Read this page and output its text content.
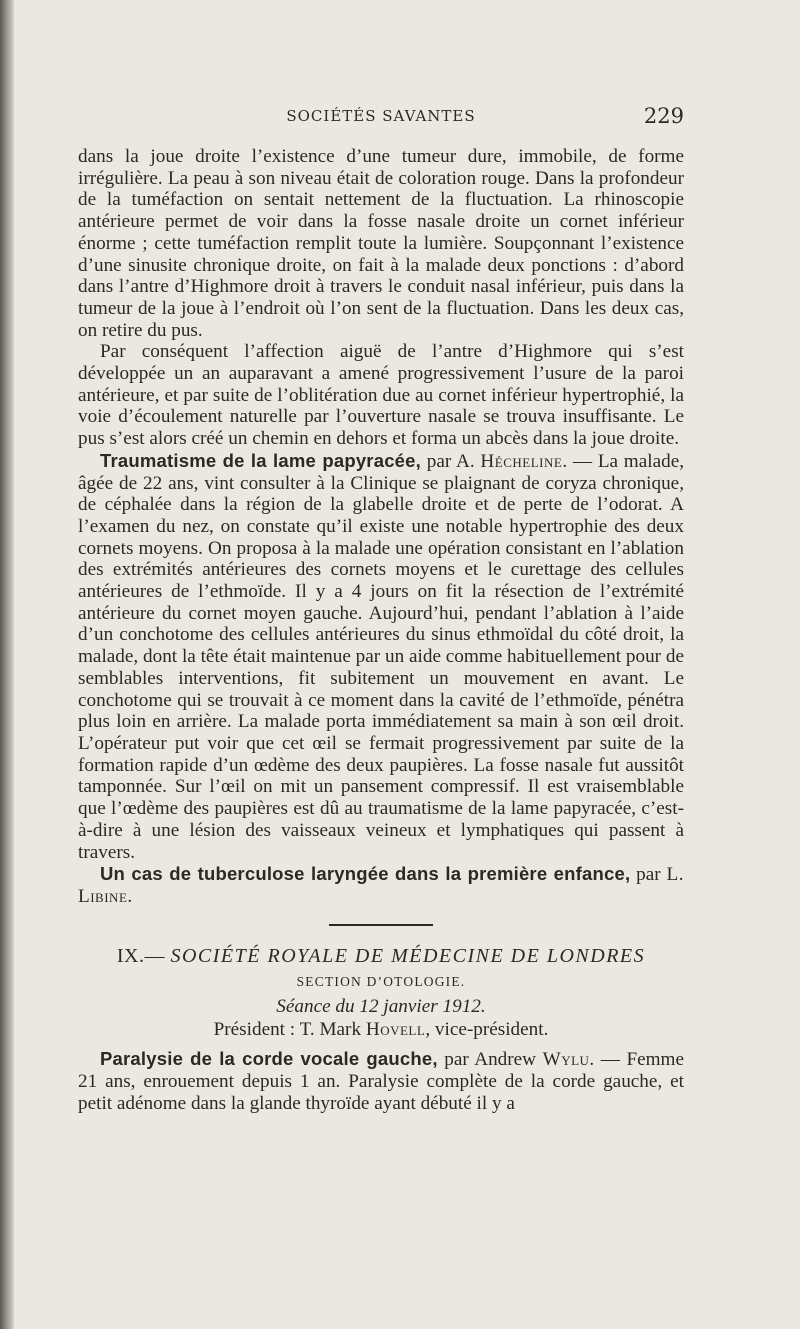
SOCIÉTÉS SAVANTES	229

dans la joue droite l’existence d’une tumeur dure, immobile, de forme irrégulière. La peau à son niveau était de coloration rouge. Dans la profondeur de la tuméfaction on sentait nettement de la fluctuation. La rhinoscopie antérieure permet de voir dans la fosse nasale droite un cornet inférieur énorme ; cette tuméfaction remplit toute la lumière. Soupçonnant l’existence d’une sinusite chronique droite, on fait à la malade deux ponctions : d’abord dans l’antre d’Highmore droit à travers le conduit nasal inférieur, puis dans la tumeur de la joue à l’endroit où l’on sent de la fluctuation. Dans les deux cas, on retire du pus.

Par conséquent l’affection aiguë de l’antre d’Highmore qui s’est développée un an auparavant a amené progressivement l’usure de la paroi antérieure, et par suite de l’oblitération due au cornet inférieur hypertrophié, la voie d’écoulement naturelle par l’ouverture nasale se trouva insuffisante. Le pus s’est alors créé un chemin en dehors et forma un abcès dans la joue droite.

Traumatisme de la lame papyracée, par A. Hécheline. — La malade, âgée de 22 ans, vint consulter à la Clinique se plaignant de coryza chronique, de céphalée dans la région de la glabelle droite et de perte de l’odorat. A l’examen du nez, on constate qu’il existe une notable hypertrophie des deux cornets moyens. On proposa à la malade une opération consistant en l’ablation des extrémités antérieures des cornets moyens et le curettage des cellules antérieures de l’ethmoïde. Il y a 4 jours on fit la résection de l’extrémité antérieure du cornet moyen gauche. Aujourd’hui, pendant l’ablation à l’aide d’un conchotome des cellules antérieures du sinus ethmoïdal du côté droit, la malade, dont la tête était maintenue par un aide comme habituellement pour de semblables interventions, fit subitement un mouvement en avant. Le conchotome qui se trouvait à ce moment dans la cavité de l’ethmoïde, pénétra plus loin en arrière. La malade porta immédiatement sa main à son œil droit. L’opérateur put voir que cet œil se fermait progressivement par suite de la formation rapide d’un œdème des deux paupières. La fosse nasale fut aussitôt tamponnée. Sur l’œil on mit un pansement compressif. Il est vraisemblable que l’œdème des paupières est dû au traumatisme de la lame papyracée, c’est-à-dire à une lésion des vaisseaux veineux et lymphatiques qui passent à travers.

Un cas de tuberculose laryngée dans la première enfance, par L. Libine.

IX.— SOCIÉTÉ ROYALE DE MÉDECINE DE LONDRES
SECTION D’OTOLOGIE.
Séance du 12 janvier 1912.
Président : T. Mark Hovell, vice-président.

Paralysie de la corde vocale gauche, par Andrew Wylu. — Femme 21 ans, enrouement depuis 1 an. Paralysie complète de la corde gauche, et petit adénome dans la glande thyroïde ayant débuté il y a
